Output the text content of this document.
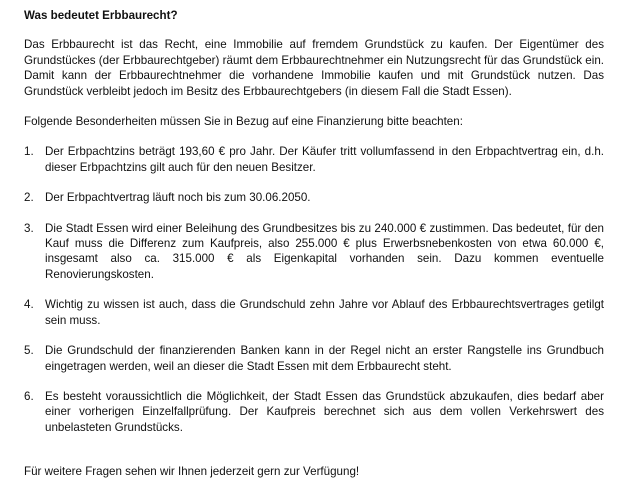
Was bedeutet Erbbaurecht?
Das Erbbaurecht ist das Recht, eine Immobilie auf fremdem Grundstück zu kaufen. Der Eigentümer des Grundstückes (der Erbbaurechtgeber) räumt dem Erbbaurechtnehmer ein Nutzungsrecht für das Grundstück ein. Damit kann der Erbbaurechtnehmer die vorhandene Immobilie kaufen und mit Grundstück nutzen. Das Grundstück verbleibt jedoch im Besitz des Erbbaurechtgebers (in diesem Fall die Stadt Essen).
Folgende Besonderheiten müssen Sie in Bezug auf eine Finanzierung bitte beachten:
1. Der Erbpachtzins beträgt 193,60 € pro Jahr. Der Käufer tritt vollumfassend in den Erbpachtvertrag ein, d.h. dieser Erbpachtzins gilt auch für den neuen Besitzer.
2. Der Erbpachtvertrag läuft noch bis zum 30.06.2050.
3. Die Stadt Essen wird einer Beleihung des Grundbesitzes bis zu 240.000 € zustimmen. Das bedeutet, für den Kauf muss die Differenz zum Kaufpreis, also 255.000 € plus Erwerbsnebenkosten von etwa 60.000 €, insgesamt also ca. 315.000 € als Eigenkapital vorhanden sein. Dazu kommen eventuelle Renovierungskosten.
4. Wichtig zu wissen ist auch, dass die Grundschuld zehn Jahre vor Ablauf des Erbbaurechtsvertrages getilgt sein muss.
5. Die Grundschuld der finanzierenden Banken kann in der Regel nicht an erster Rangstelle ins Grundbuch eingetragen werden, weil an dieser die Stadt Essen mit dem Erbbaurecht steht.
6. Es besteht voraussichtlich die Möglichkeit, der Stadt Essen das Grundstück abzukaufen, dies bedarf aber einer vorherigen Einzelfallprüfung. Der Kaufpreis berechnet sich aus dem vollen Verkehrswert des unbelasteten Grundstücks.
Für weitere Fragen sehen wir Ihnen jederzeit gern zur Verfügung!
